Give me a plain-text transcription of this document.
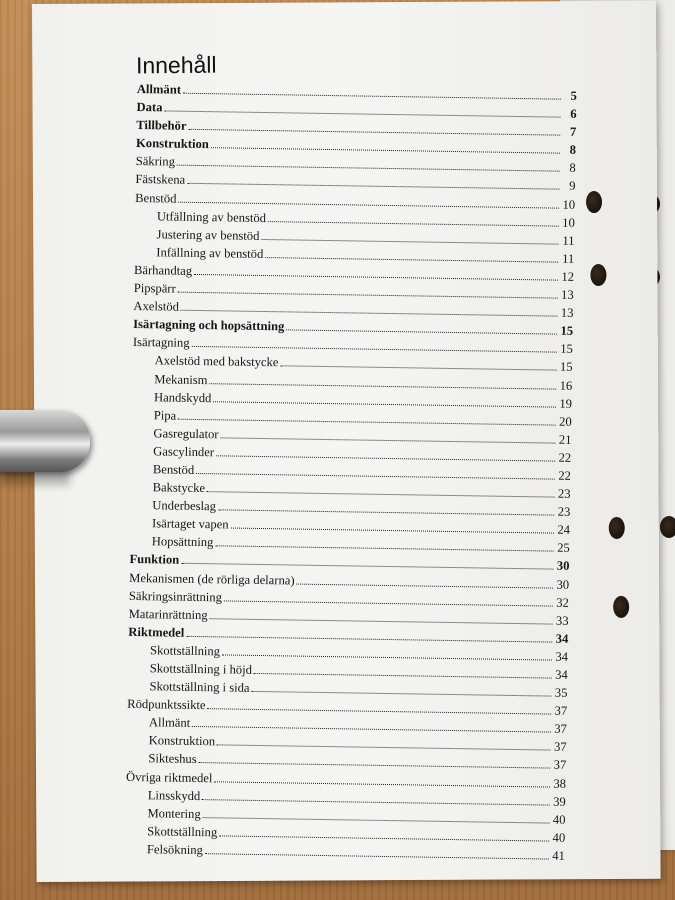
Innehåll
Allmänt	5
Data	6
Tillbehör	7
Konstruktion	8
Säkring	8
Fästskena	9
Benstöd	10
Utfällning av benstöd	10
Justering av benstöd	11
Infällning av benstöd	11
Bärhandtag	12
Pipspärr	13
Axelstöd	13
Isärtagning och hopsättning	15
Isärtagning	15
Axelstöd med bakstycke	15
Mekanism	16
Handskydd	19
Pipa	20
Gasregulator	21
Gascylinder	22
Benstöd	22
Bakstycke	23
Underbeslag	23
Isärtaget vapen	24
Hopsättning	25
Funktion	30
Mekanismen (de rörliga delarna)	30
Säkringsinrättning	32
Matarinrättning	33
Riktmedel	34
Skottställning	34
Skottställning i höjd	34
Skottställning i sida	35
Rödpunktssikte	37
Allmänt	37
Konstruktion	37
Sikteshus	37
Övriga riktmedel	38
Linsskydd	39
Montering	40
Skottställning	40
Felsökning	41
